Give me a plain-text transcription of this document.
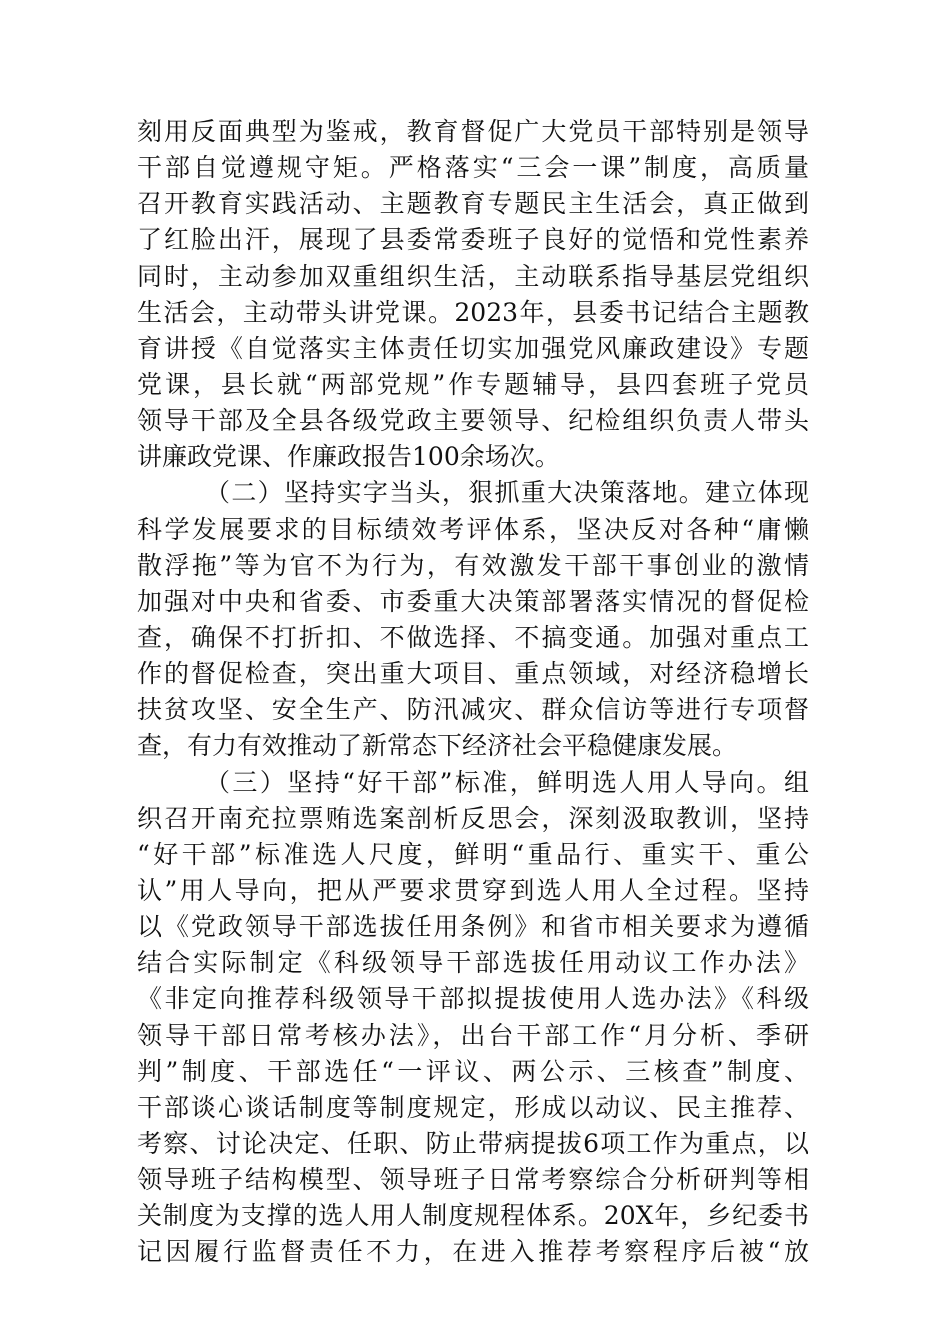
刻用反面典型为鉴戒，教育督促广大党员干部特别是领导
干部自觉遵规守矩。严格落实“三会一课”制度，高质量
召开教育实践活动、主题教育专题民主生活会，真正做到
了红脸出汗，展现了县委常委班子良好的觉悟和党性素养
同时，主动参加双重组织生活，主动联系指导基层党组织
生活会，主动带头讲党课。2023年，县委书记结合主题教
育讲授《自觉落实主体责任切实加强党风廉政建设》专题
党课，县长就“两部党规”作专题辅导，县四套班子党员
领导干部及全县各级党政主要领导、纪检组织负责人带头
讲廉政党课、作廉政报告100余场次。
（二）坚持实字当头，狠抓重大决策落地。建立体现
科学发展要求的目标绩效考评体系，坚决反对各种“庸懒
散浮拖”等为官不为行为，有效激发干部干事创业的激情
加强对中央和省委、市委重大决策部署落实情况的督促检
查，确保不打折扣、不做选择、不搞变通。加强对重点工
作的督促检查，突出重大项目、重点领域，对经济稳增长
扶贫攻坚、安全生产、防汛减灾、群众信访等进行专项督
查，有力有效推动了新常态下经济社会平稳健康发展。
（三）坚持“好干部”标准，鲜明选人用人导向。组
织召开南充拉票贿选案剖析反思会，深刻汲取教训，坚持
“好干部”标准选人尺度，鲜明“重品行、重实干、重公
认”用人导向，把从严要求贯穿到选人用人全过程。坚持
以《党政领导干部选拔任用条例》和省市相关要求为遵循
结合实际制定《科级领导干部选拔任用动议工作办法》
《非定向推荐科级领导干部拟提拔使用人选办法》《科级
领导干部日常考核办法》，出台干部工作“月分析、季研
判”制度、干部选任“一评议、两公示、三核查”制度、
干部谈心谈话制度等制度规定，形成以动议、民主推荐、
考察、讨论决定、任职、防止带病提拔6项工作为重点，以
领导班子结构模型、领导班子日常考察综合分析研判等相
关制度为支撑的选人用人制度规程体系。20X年，乡纪委书
记因履行监督责任不力，在进入推荐考察程序后被“放
